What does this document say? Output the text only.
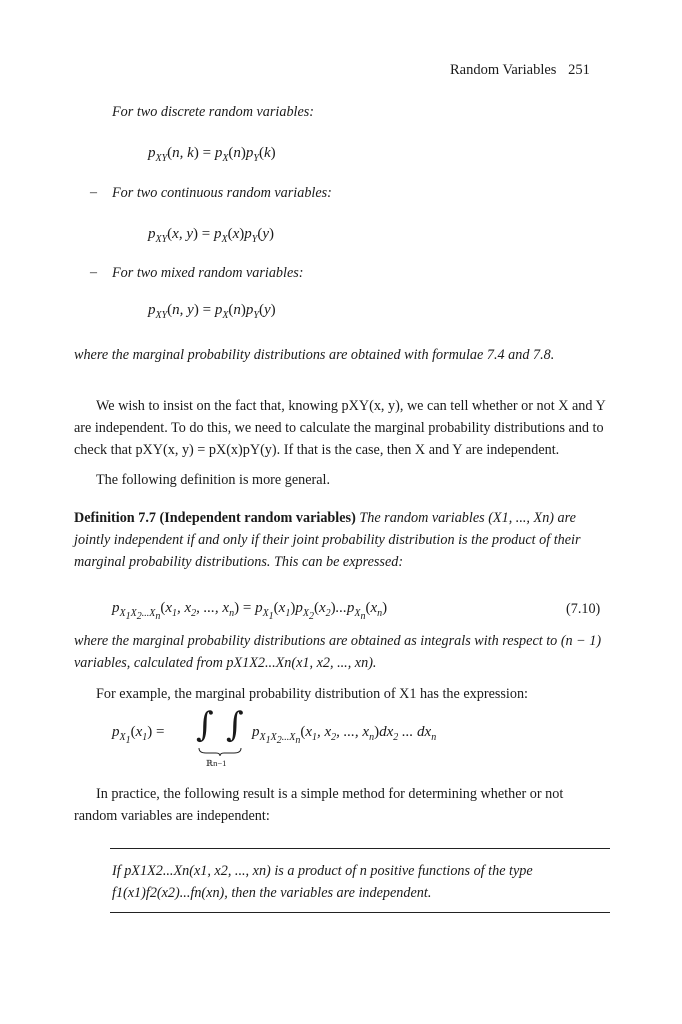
Random Variables 251
For two discrete random variables:
$p_{XY}(n$, $k) = p_X(n)p_Y(k)$
– For two continuous random variables:
$p_{XY}(x$, $y) = p_X(x)p_Y(y)$
– For two mixed random variables:
$p_{XY}(n$, $y) = p_X(n)p_Y(y)$
where the marginal probability distributions are obtained with formulae 7.4 and 7.8.
We wish to insist on the fact that, knowing pXY(x, y), we can tell whether or not X and Y are independent. To do this, we need to calculate the marginal probability distributions and to check that pXY(x, y) = pX(x)pY(y). If that is the case, then X and Y are independent.
The following definition is more general.
Definition 7.7 (Independent random variables) The random variables (X1, ..., Xn) are jointly independent if and only if their joint probability distribution is the product of their marginal probability distributions. This can be expressed:
$p_{X_1X_2...X_n}(x_1$, $x_2$, ..., $x_n) = p_{X_1}(x_1)p_{X_2}(x_2)...p_{X_n}(x_n)$	(7.10)
where the marginal probability distributions are obtained as integrals with respect to (n − 1) variables, calculated from pX1X2...Xn(x1, x2, ..., xn).
For example, the marginal probability distribution of X1 has the expression:
$p_{X_1}(x_1)$ = ∫ ∫
ℝn−1
$p_{X_1X_2...X_n}(x_1$, $x_2$, ..., $x_n)dx_2$ ... $dx_n$
In practice, the following result is a simple method for determining whether or not random variables are independent:
If pX1X2...Xn(x1, x2, ..., xn) is a product of n positive functions of the type f1(x1)f2(x2)...fn(xn), then the variables are independent.
